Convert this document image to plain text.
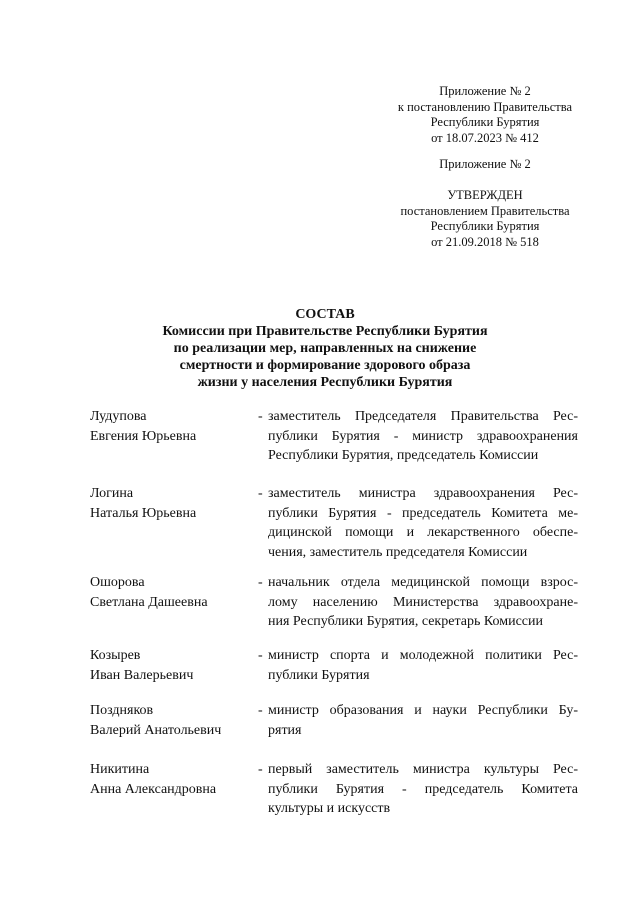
Приложение № 2
к постановлению Правительства
Республики Бурятия
от 18.07.2023 № 412
Приложение № 2
УТВЕРЖДЕН
постановлением Правительства
Республики Бурятия
от 21.09.2018 № 518
СОСТАВ
Комиссии при Правительстве Республики Бурятия
по реализации мер, направленных на снижение
смертности и формирование здорового образа
жизни у населения Республики Бурятия
Лудупова
Евгения Юрьевна
- заместитель Председателя Правительства Рес-
публики Бурятия - министр здравоохранения
Республики Бурятия, председатель Комиссии
Логина
Наталья Юрьевна
- заместитель министра здравоохранения Рес-
публики Бурятия - председатель Комитета ме-
дицинской помощи и лекарственного обеспе-
чения, заместитель председателя Комиссии
Ошорова
Светлана Дашеевна
- начальник отдела медицинской помощи взрос-
лому населению Министерства здравоохране-
ния Республики Бурятия, секретарь Комиссии
Козырев
Иван Валерьевич
- министр спорта и молодежной политики Рес-
публики Бурятия
Поздняков
Валерий Анатольевич
- министр образования и науки Республики Бу-
рятия
Никитина
Анна Александровна
- первый заместитель министра культуры Рес-
публики Бурятия - председатель Комитета
культуры и искусств
